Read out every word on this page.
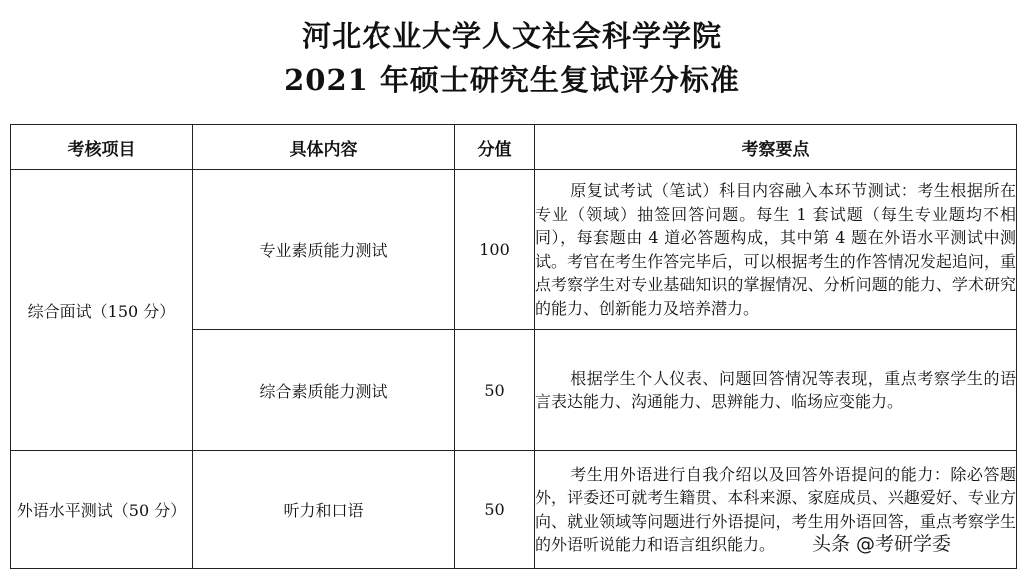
河北农业大学人文社会科学学院
2021 年硕士研究生复试评分标准
考核项目	具体内容	分值	考察要点
综合面试（150 分）	专业素质能力测试	100	原复试考试（笔试）科目内容融入本环节测试：考生根据所在专业（领域）抽签回答问题。每生 1 套试题（每生专业题均不相同），每套题由 4 道必答题构成，其中第 4 题在外语水平测试中测试。考官在考生作答完毕后，可以根据考生的作答情况发起追问，重点考察学生对专业基础知识的掌握情况、分析问题的能力、学术研究的能力、创新能力及培养潜力。

	综合素质能力测试	50	根据学生个人仪表、问题回答情况等表现，重点考察学生的语言表达能力、沟通能力、思辨能力、临场应变能力。

外语水平测试（50 分）	听力和口语	50	考生用外语进行自我介绍以及回答外语提问的能力：除必答题外，评委还可就考生籍贯、本科来源、家庭成员、兴趣爱好、专业方向、就业领域等问题进行外语提问，考生用外语回答，重点考察学生的外语听说能力和语言组织能力。	头条 @考研学委
